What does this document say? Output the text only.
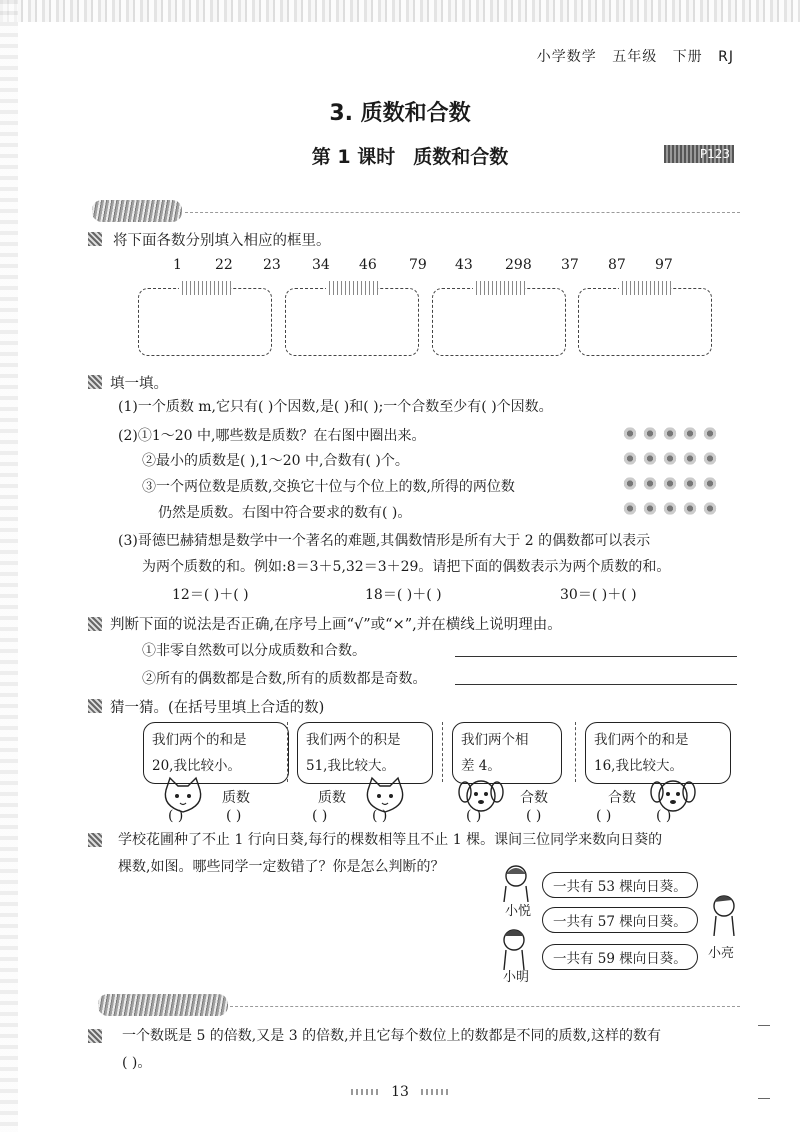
小学数学 五年级 下册 RJ
3. 质数和合数
第 1 课时 质数和合数	P123
将下面各数分别填入相应的框里。
1 22 23 34 46 79 43 298 37 87 97
填一填。
(1)一个质数 m,它只有( )个因数,是( )和( );一个合数至少有( )个因数。
(2)①1～20 中,哪些数是质数？在右图中圈出来。
②最小的质数是( ),1～20 中,合数有( )个。
③一个两位数是质数,交换它十位与个位上的数,所得的两位数
仍然是质数。右图中符合要求的数有( )。

(3)哥德巴赫猜想是数学中一个著名的难题,其偶数情形是所有大于 2 的偶数都可以表示
为两个质数的和。例如:8＝3＋5,32＝3＋29。请把下面的偶数表示为两个质数的和。
12＝( )＋( )	18＝( )＋( )	30＝( )＋( )
判断下面的说法是否正确,在序号上画“√”或“×”,并在横线上说明理由。
①非零自然数可以分成质数和合数。
②所有的偶数都是合数,所有的质数都是奇数。
猜一猜。(在括号里填上合适的数)
我们两个的和是
20,我比较小。
我们两个的积是
51,我比较大。
我们两个相
差 4。
我们两个的和是
16,我比较大。
质数
( )	( )
质数
( )	( )
合数
( )	( )
合数
( )	( )
学校花圃种了不止 1 行向日葵,每行的棵数相等且不止 1 棵。课间三位同学来数向日葵的
棵数,如图。哪些同学一定数错了？你是怎么判断的？
小悦
一共有 53 棵向日葵。
一共有 57 棵向日葵。
小亮
小明
一共有 59 棵向日葵。
一个数既是 5 的倍数,又是 3 的倍数,并且它每个数位上的数都是不同的质数,这样的数有
( )。
13
